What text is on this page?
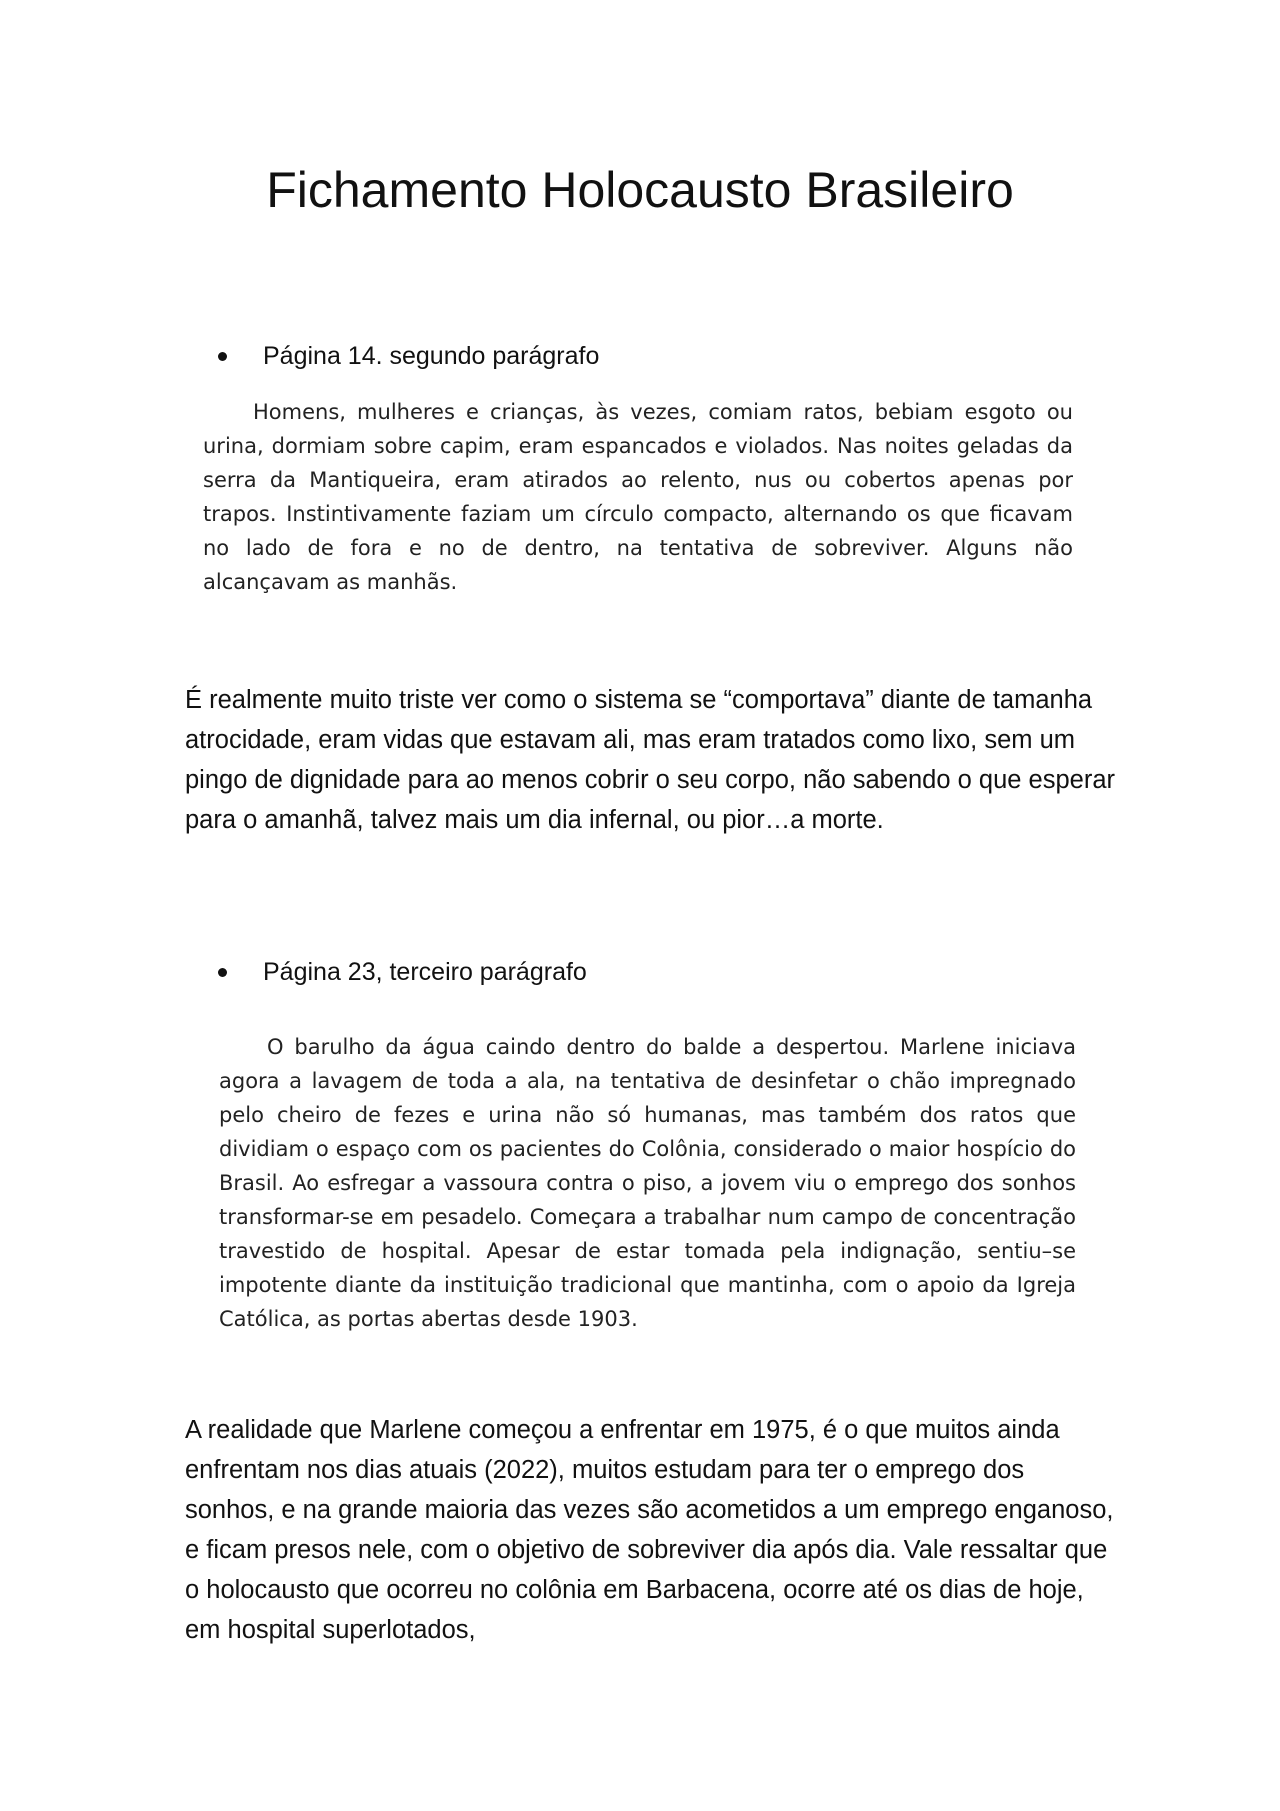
Fichamento Holocausto Brasileiro
Página 14. segundo parágrafo

Homens, mulheres e crianças, às vezes, comiam ratos, bebiam esgoto ou urina, dormiam sobre capim, eram espancados e violados. Nas noites geladas da serra da Mantiqueira, eram atirados ao relento, nus ou cobertos apenas por trapos. Instintivamente faziam um círculo compacto, alternando os que ficavam no lado de fora e no de dentro, na tentativa de sobreviver. Alguns não alcançavam as manhãs.

É realmente muito triste ver como o sistema se “comportava” diante de tamanha atrocidade, eram vidas que estavam ali, mas eram tratados como lixo, sem um pingo de dignidade para ao menos cobrir o seu corpo, não sabendo o que esperar para o amanhã, talvez mais um dia infernal, ou pior…a morte.

Página 23, terceiro parágrafo

O barulho da água caindo dentro do balde a despertou. Marlene iniciava agora a lavagem de toda a ala, na tentativa de desinfetar o chão impregnado pelo cheiro de fezes e urina não só humanas, mas também dos ratos que dividiam o espaço com os pacientes do Colônia, considerado o maior hospício do Brasil. Ao esfregar a vassoura contra o piso, a jovem viu o emprego dos sonhos transformar-se em pesadelo. Começara a trabalhar num campo de concentração travestido de hospital. Apesar de estar tomada pela indignação, sentiu–se impotente diante da instituição tradicional que mantinha, com o apoio da Igreja Católica, as portas abertas desde 1903.

A realidade que Marlene começou a enfrentar em 1975, é o que muitos ainda enfrentam nos dias atuais (2022), muitos estudam para ter o emprego dos sonhos, e na grande maioria das vezes são acometidos a um emprego enganoso, e ficam presos nele, com o objetivo de sobreviver dia após dia. Vale ressaltar que o holocausto que ocorreu no colônia em Barbacena, ocorre até os dias de hoje, em hospital superlotados,
